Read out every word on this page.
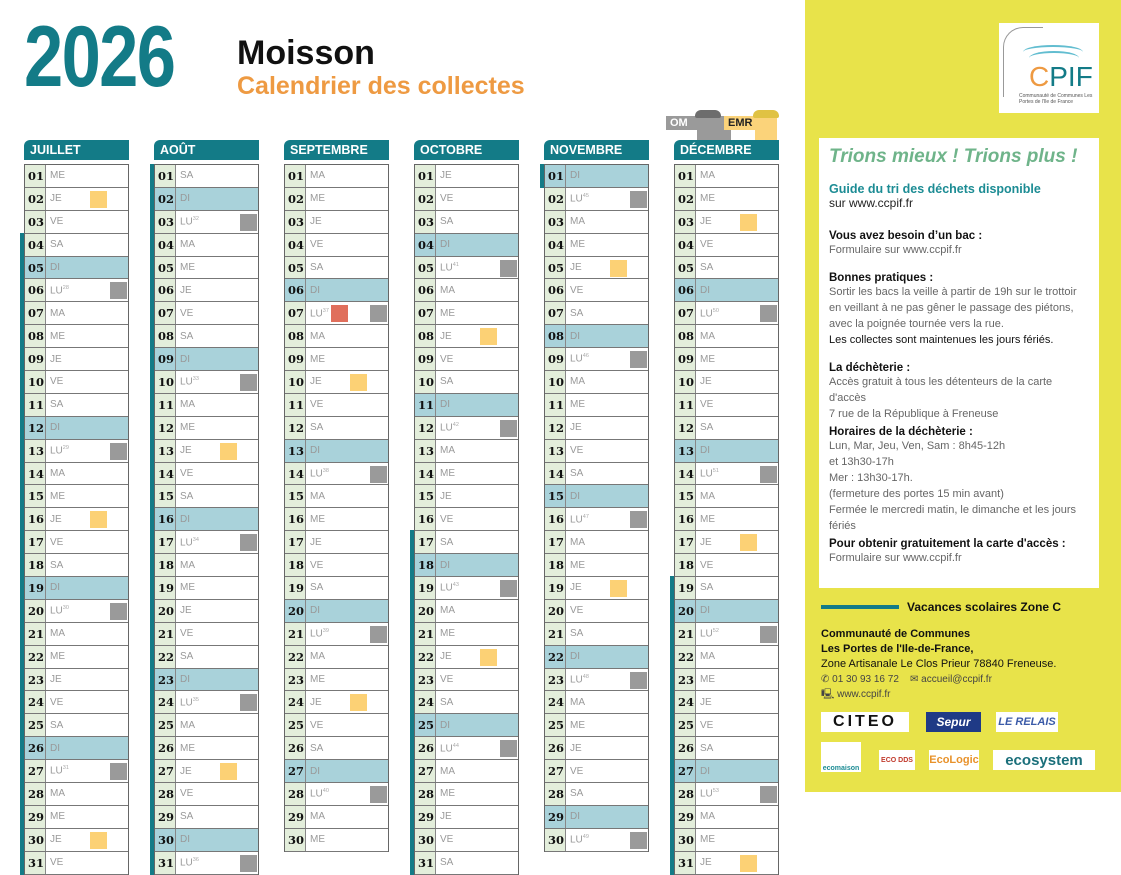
2026 Moisson
Calendrier des collectes
OM	EMR
JUILLET
01 ME
02 JE
03 VE
04 SA
05 DI
06 LU$^{28}$
07 MA
08 ME
09 JE
10 VE
11 SA
12 DI
13 LU$^{29}$
14 MA
15 ME
16 JE
17 VE
18 SA
19 DI
20 LU$^{30}$
21 MA
22 ME
23 JE
24 VE
25 SA
26 DI
27 LU$^{31}$
28 MA
29 ME
30 JE
31 VE
AOÛT
01 SA
02 DI
03 LU$^{32}$
04 MA
05 ME
06 JE
07 VE
08 SA
09 DI
10 LU$^{33}$
11 MA
12 ME
13 JE
14 VE
15 SA
16 DI
17 LU$^{34}$
18 MA
19 ME
20 JE
21 VE
22 SA
23 DI
24 LU$^{35}$
25 MA
26 ME
27 JE
28 VE
29 SA
30 DI
31 LU$^{36}$
SEPTEMBRE
01 MA
02 ME
03 JE
04 VE
05 SA
06 DI
07 LU$^{37}$
08 MA
09 ME
10 JE
11 VE
12 SA
13 DI
14 LU$^{38}$
15 MA
16 ME
17 JE
18 VE
19 SA
20 DI
21 LU$^{39}$
22 MA
23 ME
24 JE
25 VE
26 SA
27 DI
28 LU$^{40}$
29 MA
30 ME
OCTOBRE
01 JE
02 VE
03 SA
04 DI
05 LU$^{41}$
06 MA
07 ME
08 JE
09 VE
10 SA
11 DI
12 LU$^{42}$
13 MA
14 ME
15 JE
16 VE
17 SA
18 DI
19 LU$^{43}$
20 MA
21 ME
22 JE
23 VE
24 SA
25 DI
26 LU$^{44}$
27 MA
28 ME
29 JE
30 VE
31 SA
NOVEMBRE
01 DI
02 LU$^{45}$
03 MA
04 ME
05 JE
06 VE
07 SA
08 DI
09 LU$^{46}$
10 MA
11 ME
12 JE
13 VE
14 SA
15 DI
16 LU$^{47}$
17 MA
18 ME
19 JE
20 VE
21 SA
22 DI
23 LU$^{48}$
24 MA
25 ME
26 JE
27 VE
28 SA
29 DI
30 LU$^{49}$
DÉCEMBRE
01 MA
02 ME
03 JE
04 VE
05 SA
06 DI
07 LU$^{50}$
08 MA
09 ME
10 JE
11 VE
12 SA
13 DI
14 LU$^{51}$
15 MA
16 ME
17 JE
18 VE
19 SA
20 DI
21 LU$^{52}$
22 MA
23 ME
24 JE
25 VE
26 SA
27 DI
28 LU$^{53}$
29 MA
30 ME
31 JE
CPIF
Communauté de Communes Les Portes de l'Ile de France
Trions mieux ! Trions plus !
Guide du tri des déchets disponible
sur www.ccpif.fr
Vous avez besoin d’un bac :

Formulaire sur www.ccpif.fr

Bonnes pratiques :

Sortir les bacs la veille à partir de 19h sur le trottoir en veillant à ne pas gêner le passage des piétons, avec la poignée tournée vers la rue.

Les collectes sont maintenues les jours fériés.

La déchèterie :

Accès gratuit à tous les détenteurs de la carte d'accès

7 rue de la République à Freneuse

Horaires de la déchèterie :

Lun, Mar, Jeu, Ven, Sam : 8h45-12h

et 13h30-17h

Mer : 13h30-17h.

(fermeture des portes 15 min avant)

Fermée le mercredi matin, le dimanche et les jours fériés

Pour obtenir gratuitement la carte d'accès :

Formulaire sur www.ccpif.fr

Vacances scolaires Zone C
Communauté de Communes
Les Portes de l'Ile-de-France,
Zone Artisanale Le Clos Prieur 78840 Freneuse.
✆ 01 30 93 16 72 ✉ accueil@ccpif.fr
🖳 www.ccpif.fr
CITEO	Sepur	LE RELAIS
ecomaison
ECO DDS EcoLogic	ecosystem
